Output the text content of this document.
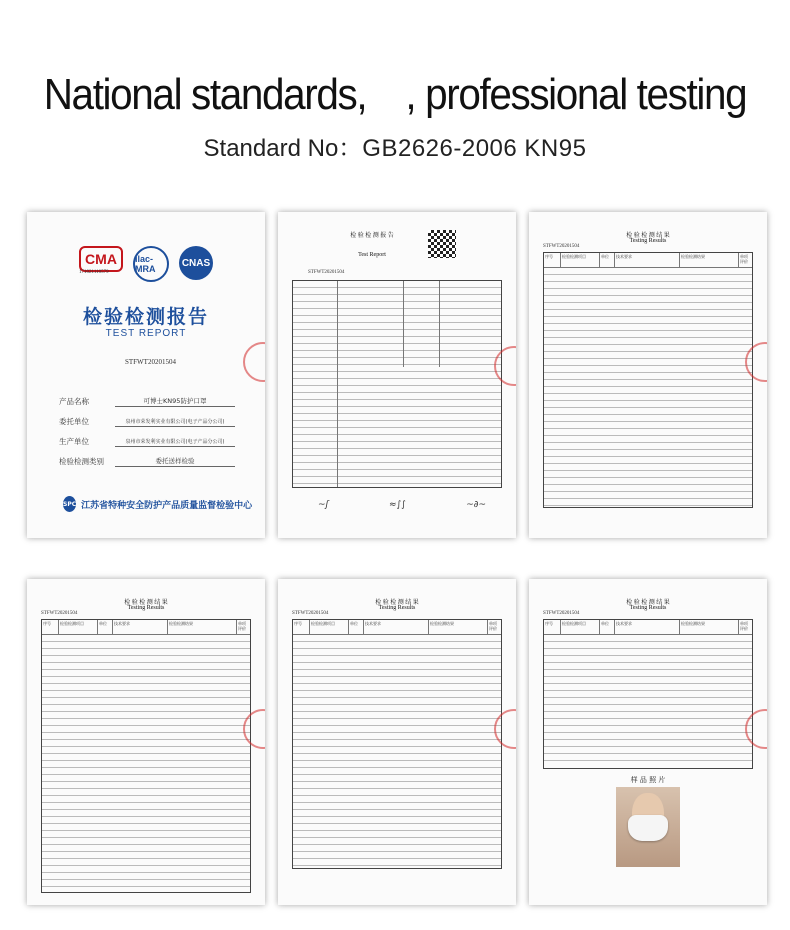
National standards,　, professional testing
Standard No：GB2626-2006 KN95
CMA	ilac-MRA
CNAS
171021110579
检验检测报告
TEST REPORT
STFWT20201504
产品名称	可博士KN95防护口罩
委托单位	泉州市荣发利实业有限公司(电子产品分公司)
生产单位	泉州市荣发利实业有限公司(电子产品分公司)
检验检测类别	委托送样检验
SPC 江苏省特种安全防护产品质量监督检验中心
检 验 检 测 报 告
Test Report
STFWT20201504
~ʃ	≈∫∫	~∂~
检 验 检 测 结 果
Testing Results
STFWT20201504
序号	检验检测项目	单位	技术要求	检验检测结果	单项评价
检 验 检 测 结 果
Testing Results
STFWT20201504
序号	检验检测项目	单位	技术要求	检验检测结果	单项评价
检 验 检 测 结 果
Testing Results
STFWT20201504
序号	检验检测项目	单位	技术要求	检验检测结果	单项评价
检 验 检 测 结 果
Testing Results
STFWT20201504
序号	检验检测项目	单位	技术要求	检验检测结果	单项评价
样 品 照 片
